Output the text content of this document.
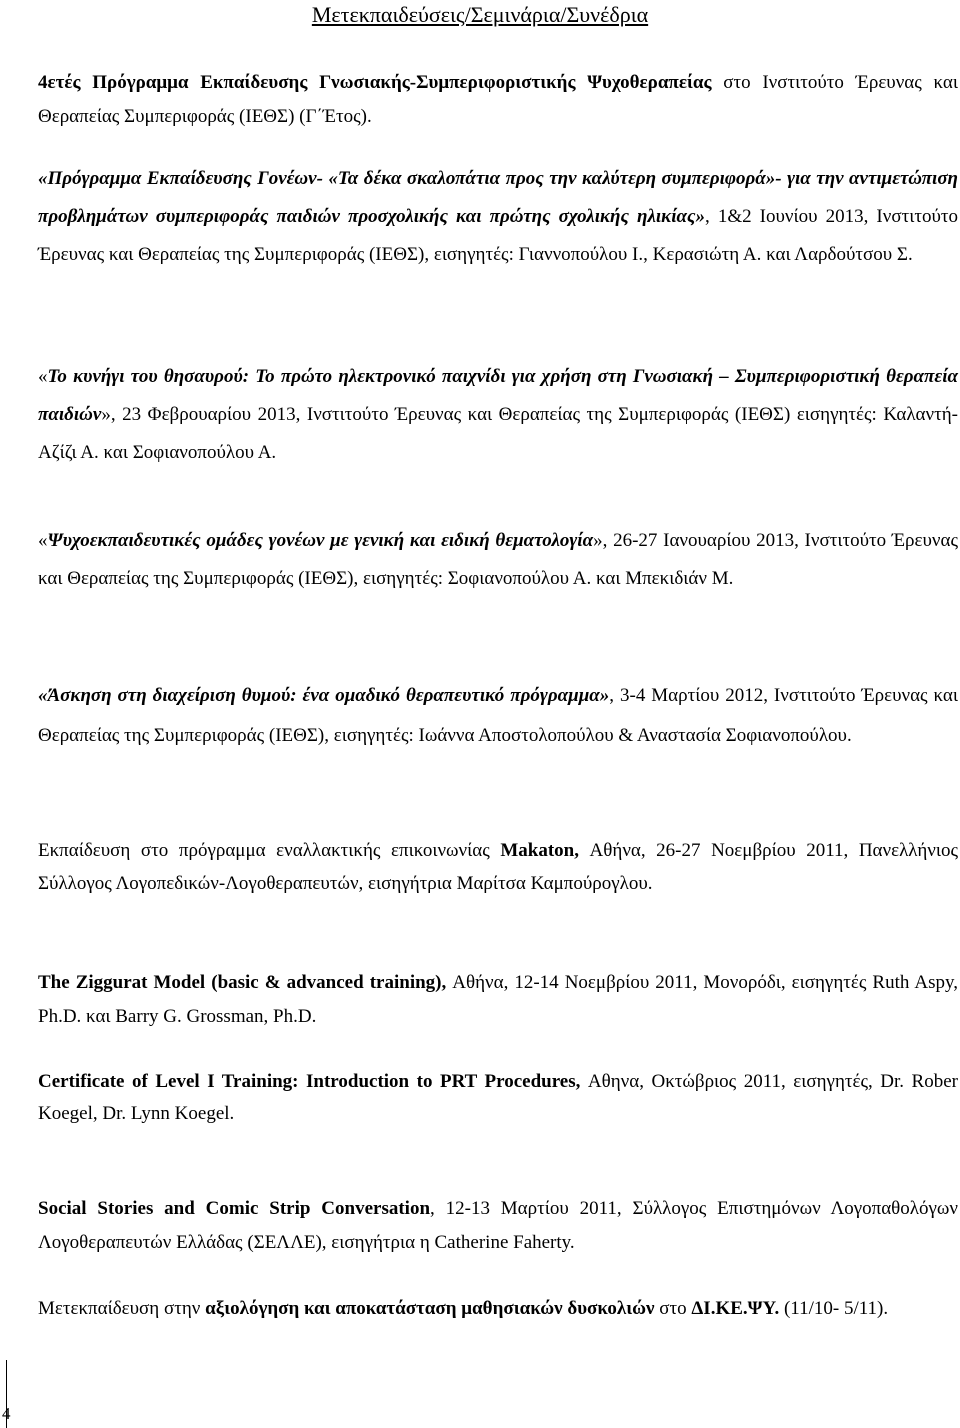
Μετεκπαιδεύσεις/Σεμινάρια/Συνέδρια

4ετές Πρόγραμμα Εκπαίδευσης Γνωσιακής-Συμπεριφοριστικής Ψυχοθεραπείας στο Ινστιτούτο Έρευνας και Θεραπείας Συμπεριφοράς (ΙΕΘΣ) (Γ΄Έτος).

«Πρόγραμμα Εκπαίδευσης Γονέων- «Τα δέκα σκαλοπάτια προς την καλύτερη συμπεριφορά»- για την αντιμετώπιση προβλημάτων συμπεριφοράς παιδιών προσχολικής και πρώτης σχολικής ηλικίας», 1&2 Ιουνίου 2013, Ινστιτούτο Έρευνας και Θεραπείας της Συμπεριφοράς (ΙΕΘΣ), εισηγητές: Γιαννοπούλου Ι., Κερασιώτη Α. και Λαρδούτσου Σ.

«Το κυνήγι του θησαυρού: Το πρώτο ηλεκτρονικό παιχνίδι για χρήση στη Γνωσιακή – Συμπεριφοριστική θεραπεία παιδιών», 23 Φεβρουαρίου 2013, Ινστιτούτο Έρευνας και Θεραπείας της Συμπεριφοράς (ΙΕΘΣ) εισηγητές: Καλαντή- Αζίζι Α. και Σοφιανοπούλου Α.

«Ψυχοεκπαιδευτικές ομάδες γονέων με γενική και ειδική θεματολογία», 26-27 Ιανουαρίου 2013, Ινστιτούτο Έρευνας και Θεραπείας της Συμπεριφοράς (ΙΕΘΣ), εισηγητές: Σοφιανοπούλου Α. και Μπεκιδιάν Μ.

«Άσκηση στη διαχείριση θυμού: ένα ομαδικό θεραπευτικό πρόγραμμα», 3-4 Μαρτίου 2012, Ινστιτούτο Έρευνας και Θεραπείας της Συμπεριφοράς (ΙΕΘΣ), εισηγητές: Ιωάννα Αποστολοπούλου & Αναστασία Σοφιανοπούλου.

Εκπαίδευση στο πρόγραμμα εναλλακτικής επικοινωνίας Makaton, Αθήνα, 26-27 Νοεμβρίου 2011, Πανελλήνιος Σύλλογος Λογοπεδικών-Λογοθεραπευτών, εισηγήτρια Μαρίτσα Καμπούρογλου.

The Ziggurat Model (basic & advanced training), Αθήνα, 12-14 Νοεμβρίου 2011, Μονορόδι, εισηγητές Ruth Aspy, Ph.D. και Barry G. Grossman, Ph.D.

Certificate of Level I Training: Introduction to PRT Procedures, Αθηνα, Οκτώβριος 2011, εισηγητές, Dr. Rober Koegel, Dr. Lynn Koegel.

Social Stories and Comic Strip Conversation, 12-13 Μαρτίου 2011, Σύλλογος Επιστημόνων Λογοπαθολόγων Λογοθεραπευτών Ελλάδας (ΣΕΛΛΕ), εισηγήτρια η Catherine Faherty.

Μετεκπαίδευση στην αξιολόγηση και αποκατάσταση μαθησιακών δυσκολιών στο ΔΙ.ΚΕ.ΨΥ. (11/10- 5/11).

4
